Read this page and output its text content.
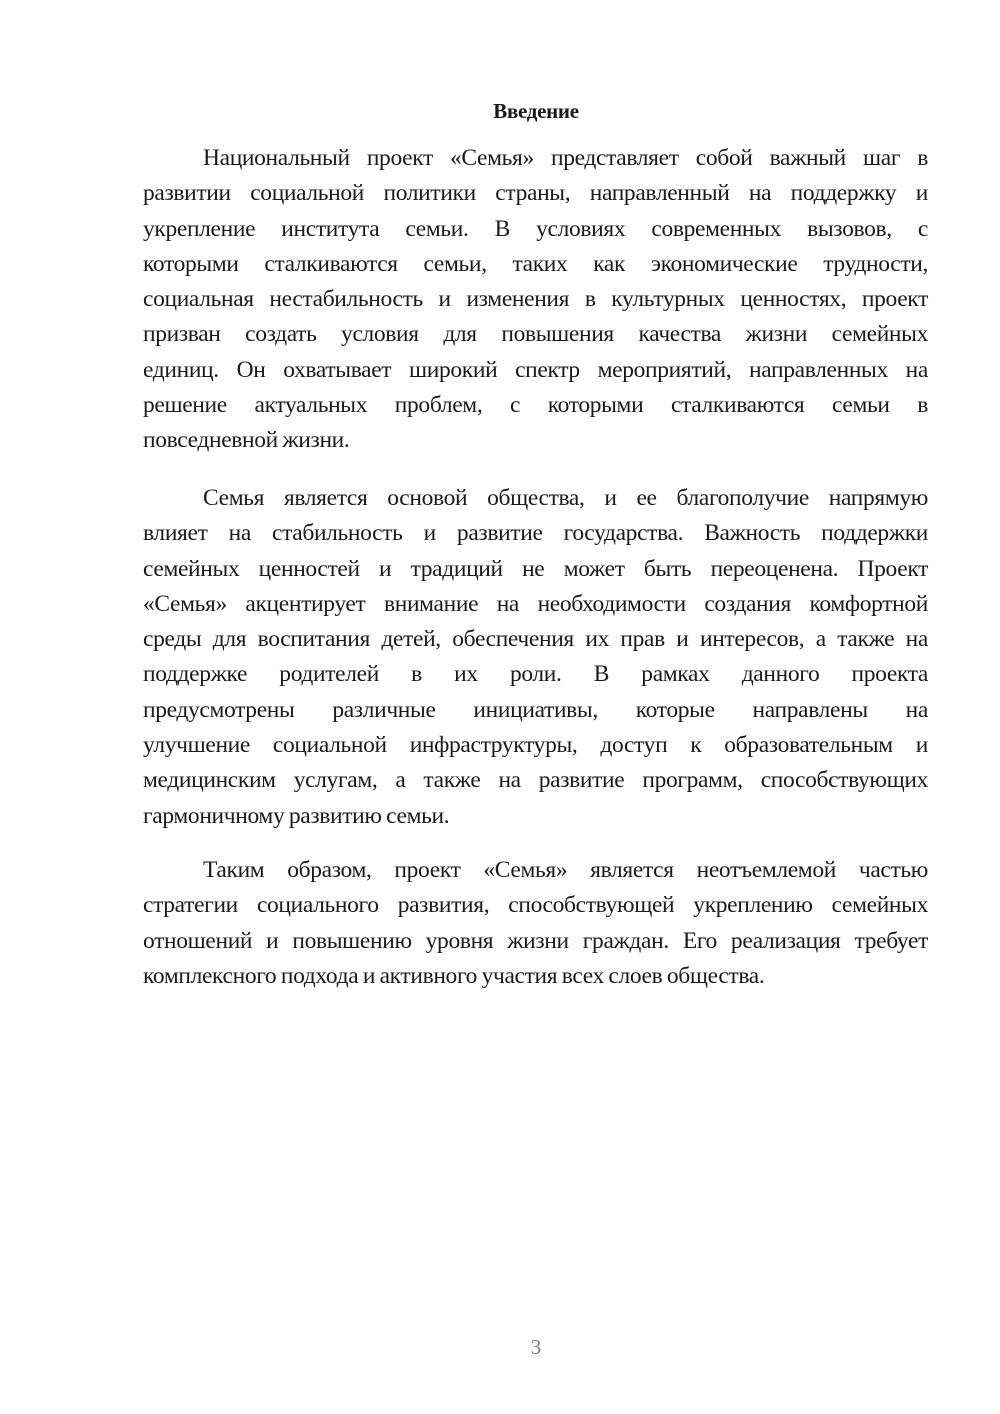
Введение
Национальный проект «Семья» представляет собой важный шаг в
развитии социальной политики страны, направленный на поддержку и
укрепление института семьи. В условиях современных вызовов, с
которыми сталкиваются семьи, таких как экономические трудности,
социальная нестабильность и изменения в культурных ценностях, проект
призван создать условия для повышения качества жизни семейных
единиц. Он охватывает широкий спектр мероприятий, направленных на
решение актуальных проблем, с которыми сталкиваются семьи в
повседневной жизни.
Семья является основой общества, и ее благополучие напрямую
влияет на стабильность и развитие государства. Важность поддержки
семейных ценностей и традиций не может быть переоценена. Проект
«Семья» акцентирует внимание на необходимости создания комфортной
среды для воспитания детей, обеспечения их прав и интересов, а также на
поддержке родителей в их роли. В рамках данного проекта
предусмотрены различные инициативы, которые направлены на
улучшение социальной инфраструктуры, доступ к образовательным и
медицинским услугам, а также на развитие программ, способствующих
гармоничному развитию семьи.
Таким образом, проект «Семья» является неотъемлемой частью
стратегии социального развития, способствующей укреплению семейных
отношений и повышению уровня жизни граждан. Его реализация требует
комплексного подхода и активного участия всех слоев общества.
3
